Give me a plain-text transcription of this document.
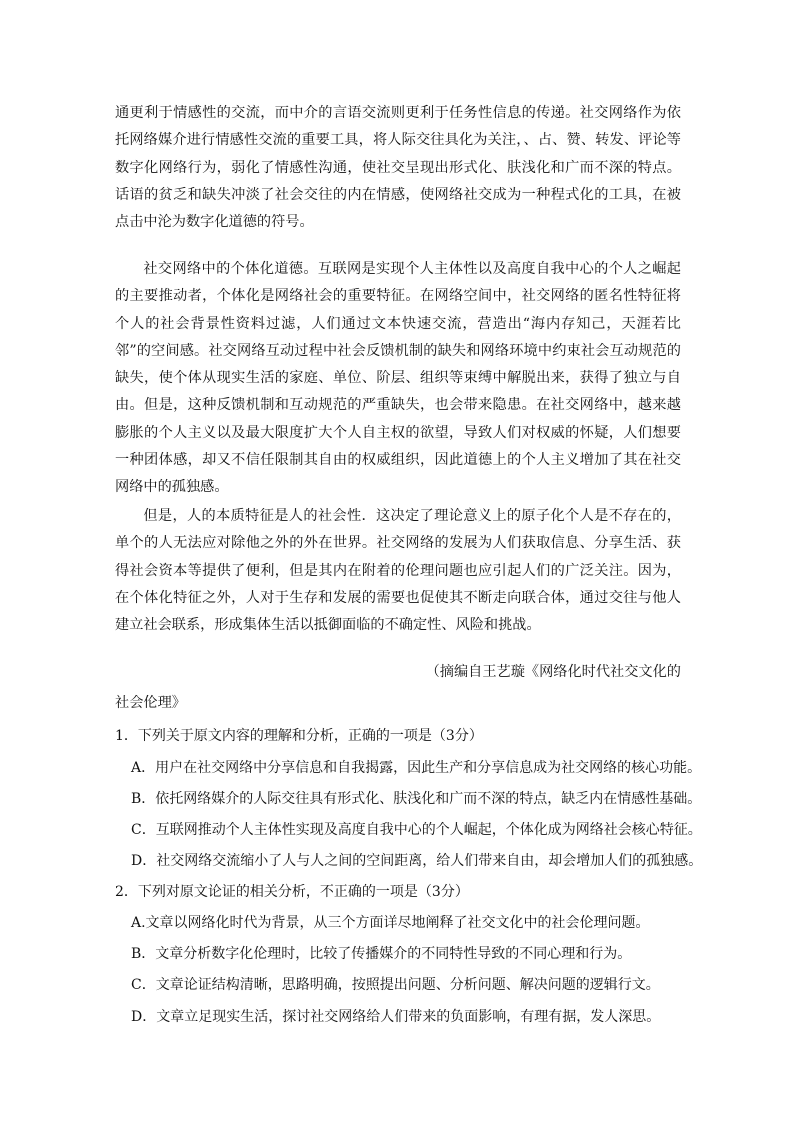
通更利于情感性的交流，而中介的言语交流则更利于任务性信息的传递。社交网络作为依托网络媒介进行情感性交流的重要工具，将人际交往具化为关注，、占、赞、转发、评论等数字化网络行为，弱化了情感性沟通，使社交呈现出形式化、肤浅化和广而不深的特点。话语的贫乏和缺失冲淡了社会交往的内在情感，使网络社交成为一种程式化的工具，在被点击中沦为数字化道德的符号。

社交网络中的个体化道德。互联网是实现个人主体性以及高度自我中心的个人之崛起的主要推动者，个体化是网络社会的重要特征。在网络空间中，社交网络的匿名性特征将个人的社会背景性资料过滤，人们通过文本快速交流，营造出“海内存知己，天涯若比邻”的空间感。社交网络互动过程中社会反馈机制的缺失和网络环境中约束社会互动规范的缺失，使个体从现实生活的家庭、单位、阶层、组织等束缚中解脱出来，获得了独立与自由。但是，这种反馈机制和互动规范的严重缺失，也会带来隐患。在社交网络中，越来越膨胀的个人主义以及最大限度扩大个人自主权的欲望，导致人们对权威的怀疑，人们想要一种团体感，却又不信任限制其自由的权威组织，因此道德上的个人主义增加了其在社交网络中的孤独感。

但是，人的本质特征是人的社会性．这决定了理论意义上的原子化个人是不存在的，单个的人无法应对除他之外的外在世界。社交网络的发展为人们获取信息、分享生活、获得社会资本等提供了便利，但是其内在附着的伦理问题也应引起人们的广泛关注。因为，在个体化特征之外，人对于生存和发展的需要也促使其不断走向联合体，通过交往与他人建立社会联系，形成集体生活以抵御面临的不确定性、风险和挑战。

（摘编自王艺璇《网络化时代社交文化的

社会伦理》

1．下列关于原文内容的理解和分析，正确的一项是（3分）

A．用户在社交网络中分享信息和自我揭露，因此生产和分享信息成为社交网络的核心功能。

B．依托网络媒介的人际交往具有形式化、肤浅化和广而不深的特点，缺乏内在情感性基础。

C．互联网推动个人主体性实现及高度自我中心的个人崛起，个体化成为网络社会核心特征。

D．社交网络交流缩小了人与人之间的空间距离，给人们带来自由，却会增加人们的孤独感。

2．下列对原文论证的相关分析，不正确的一项是（3分）

A.文章以网络化时代为背景，从三个方面详尽地阐释了社交文化中的社会伦理问题。

B．文章分析数字化伦理时，比较了传播媒介的不同特性导致的不同心理和行为。

C．文章论证结构清晰，思路明确，按照提出问题、分析问题、解决问题的逻辑行文。

D．文章立足现实生活，探讨社交网络给人们带来的负面影响，有理有据，发人深思。
